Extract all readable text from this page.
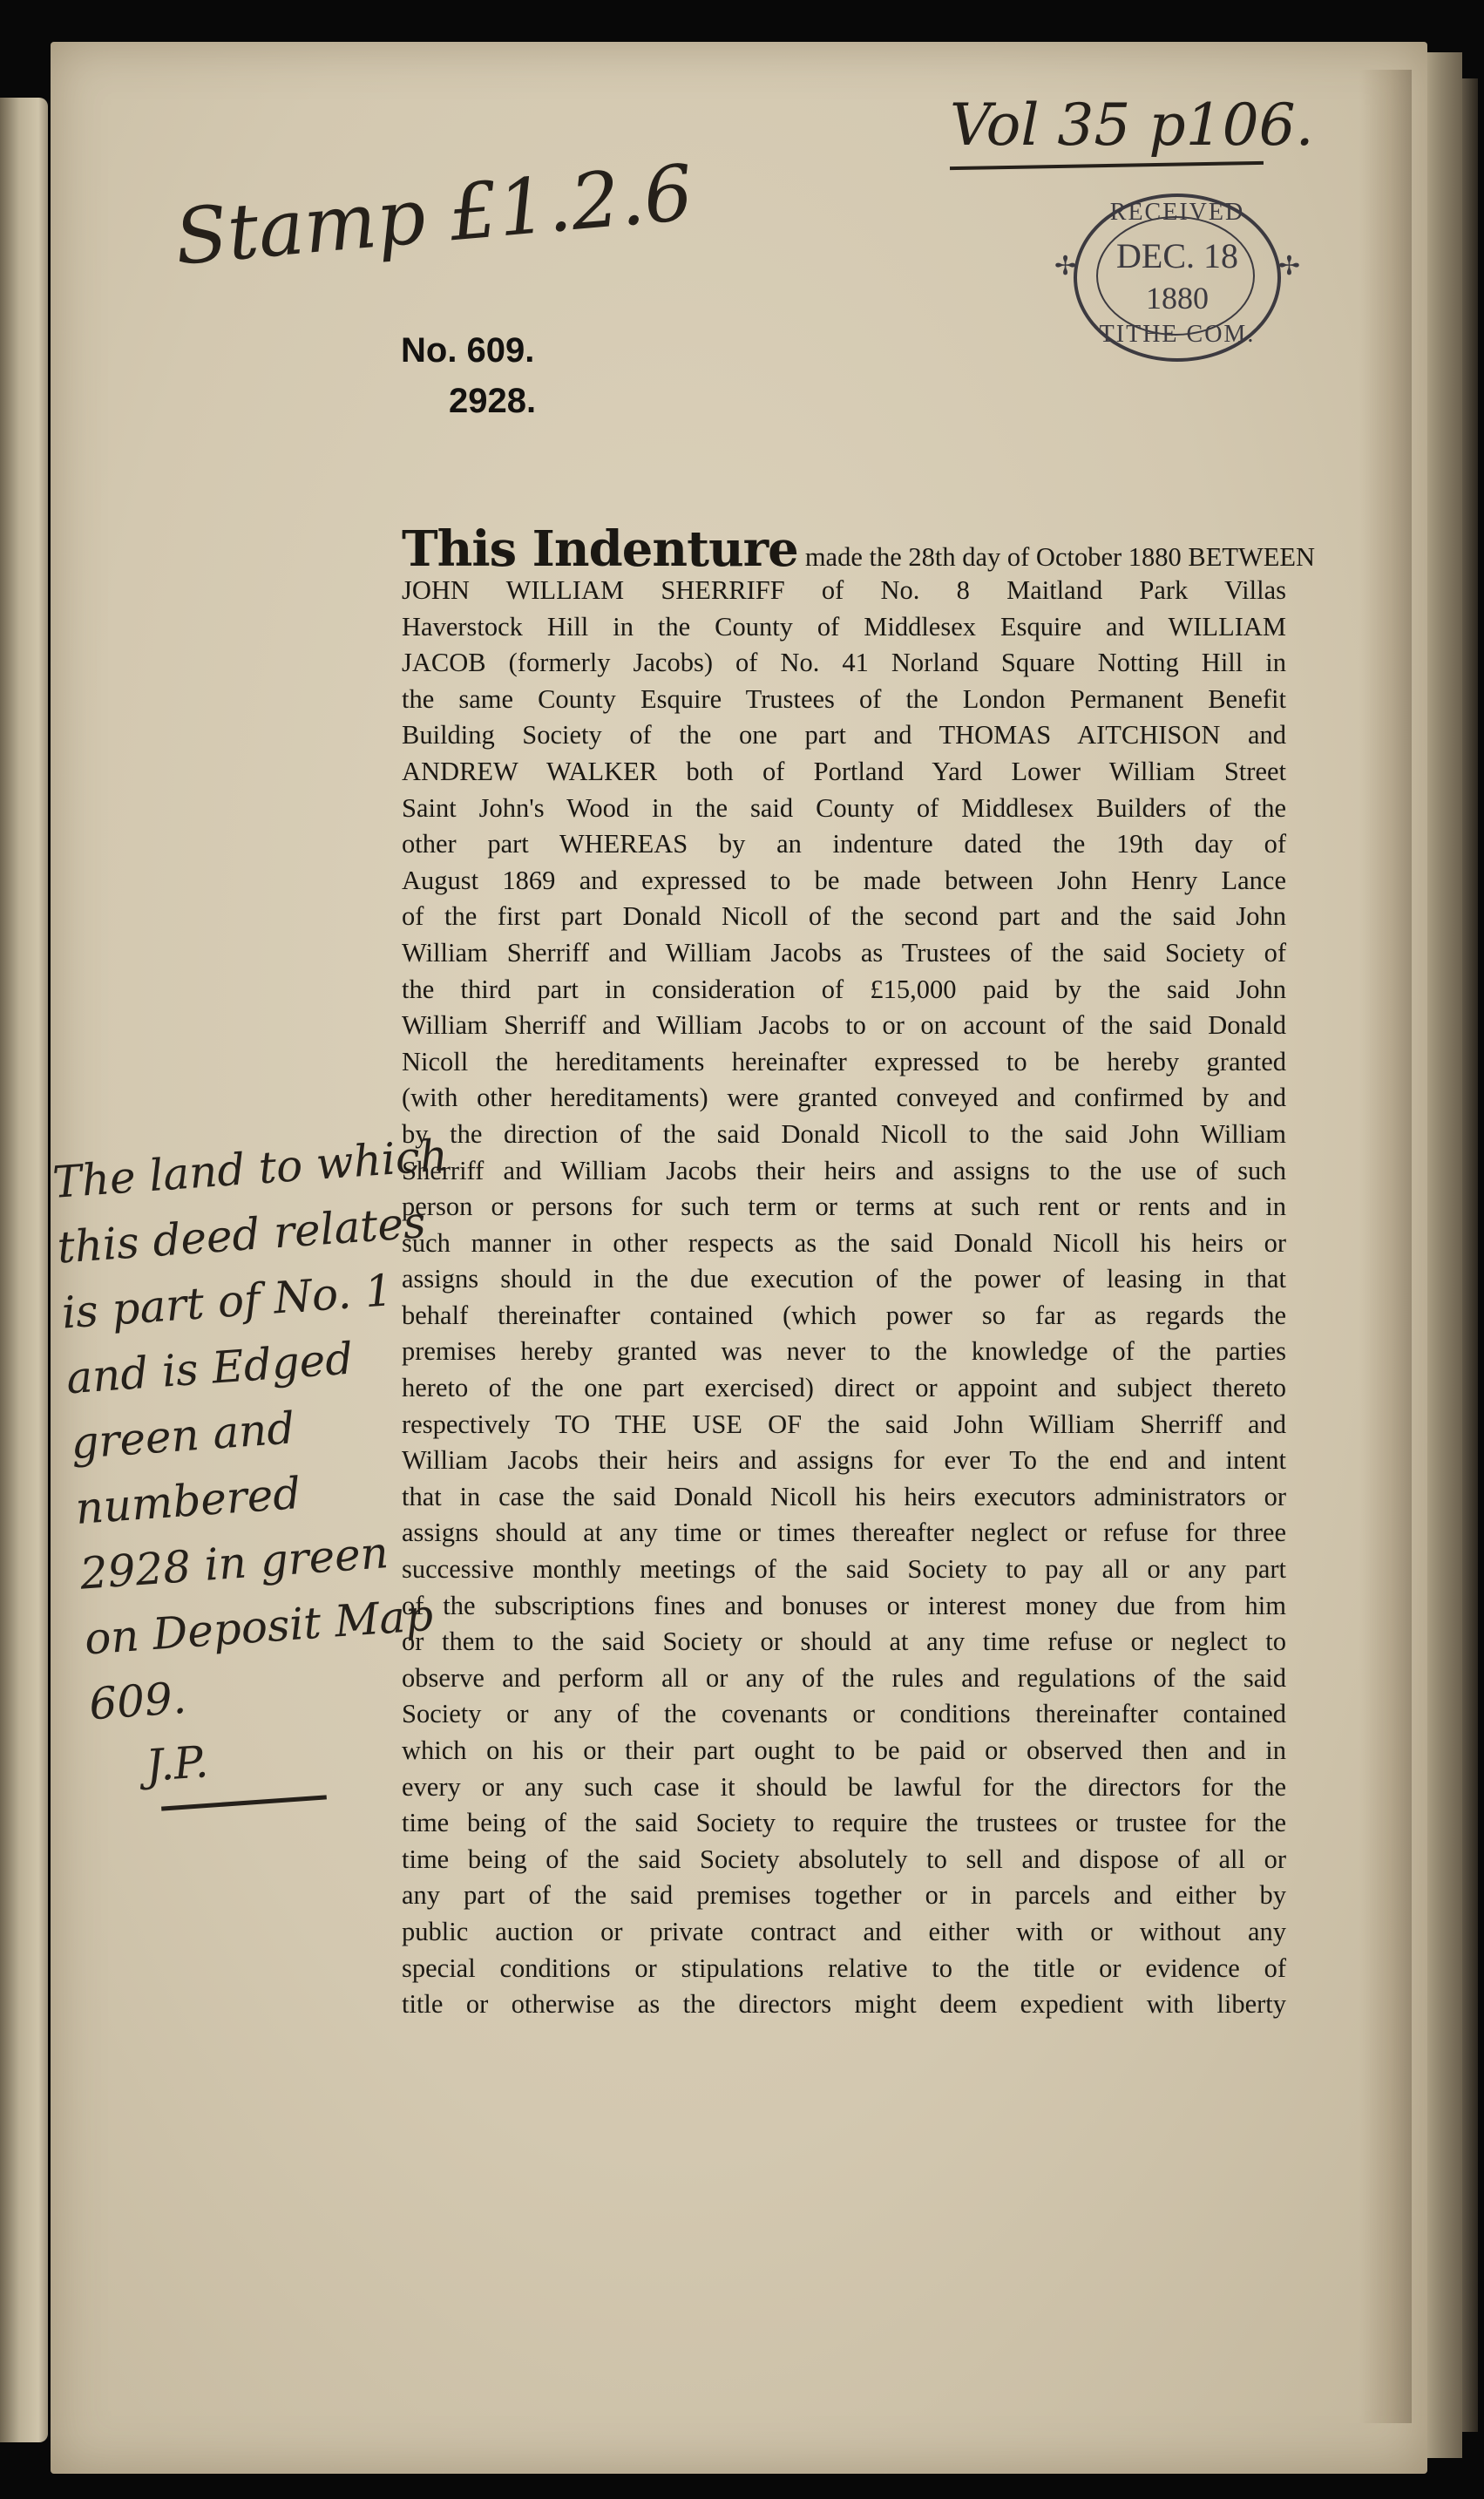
Stamp £1.2.6
Vol 35 p106.
RECEIVED
DEC. 18
1880
TITHE COM.
✢	✢
No. 609.
2928.
This Indenture made the 28th day of October 1880 BETWEEN
JOHN WILLIAM SHERRIFF of No. 8 Maitland Park Villas
Haverstock Hill in the County of Middlesex Esquire and WILLIAM
JACOB (formerly Jacobs) of No. 41 Norland Square Notting Hill in
the same County Esquire Trustees of the London Permanent Benefit
Building Society of the one part and THOMAS AITCHISON and
ANDREW WALKER both of Portland Yard Lower William Street
Saint John's Wood in the said County of Middlesex Builders of the
other part WHEREAS by an indenture dated the 19th day of
August 1869 and expressed to be made between John Henry Lance
of the first part Donald Nicoll of the second part and the said John
William Sherriff and William Jacobs as Trustees of the said Society of
the third part in consideration of £15,000 paid by the said John
William Sherriff and William Jacobs to or on account of the said Donald
Nicoll the hereditaments hereinafter expressed to be hereby granted
(with other hereditaments) were granted conveyed and confirmed by and
by the direction of the said Donald Nicoll to the said John William
Sherriff and William Jacobs their heirs and assigns to the use of such
person or persons for such term or terms at such rent or rents and in
such manner in other respects as the said Donald Nicoll his heirs or
assigns should in the due execution of the power of leasing in that
behalf thereinafter contained (which power so far as regards the
premises hereby granted was never to the knowledge of the parties
hereto of the one part exercised) direct or appoint and subject thereto
respectively TO THE USE OF the said John William Sherriff and
William Jacobs their heirs and assigns for ever To the end and intent
that in case the said Donald Nicoll his heirs executors administrators or
assigns should at any time or times thereafter neglect or refuse for three
successive monthly meetings of the said Society to pay all or any part
of the subscriptions fines and bonuses or interest money due from him
or them to the said Society or should at any time refuse or neglect to
observe and perform all or any of the rules and regulations of the said
Society or any of the covenants or conditions thereinafter contained
which on his or their part ought to be paid or observed then and in
every or any such case it should be lawful for the directors for the
time being of the said Society to require the trustees or trustee for the
time being of the said Society absolutely to sell and dispose of all or
any part of the said premises together or in parcels and either by
public auction or private contract and either with or without any
special conditions or stipulations relative to the title or evidence of
title or otherwise as the directors might deem expedient with liberty
The land to which
this deed relates
is part of No. 1
and is Edged
green and
numbered
2928 in green
on Deposit Map
609.
J.P.
